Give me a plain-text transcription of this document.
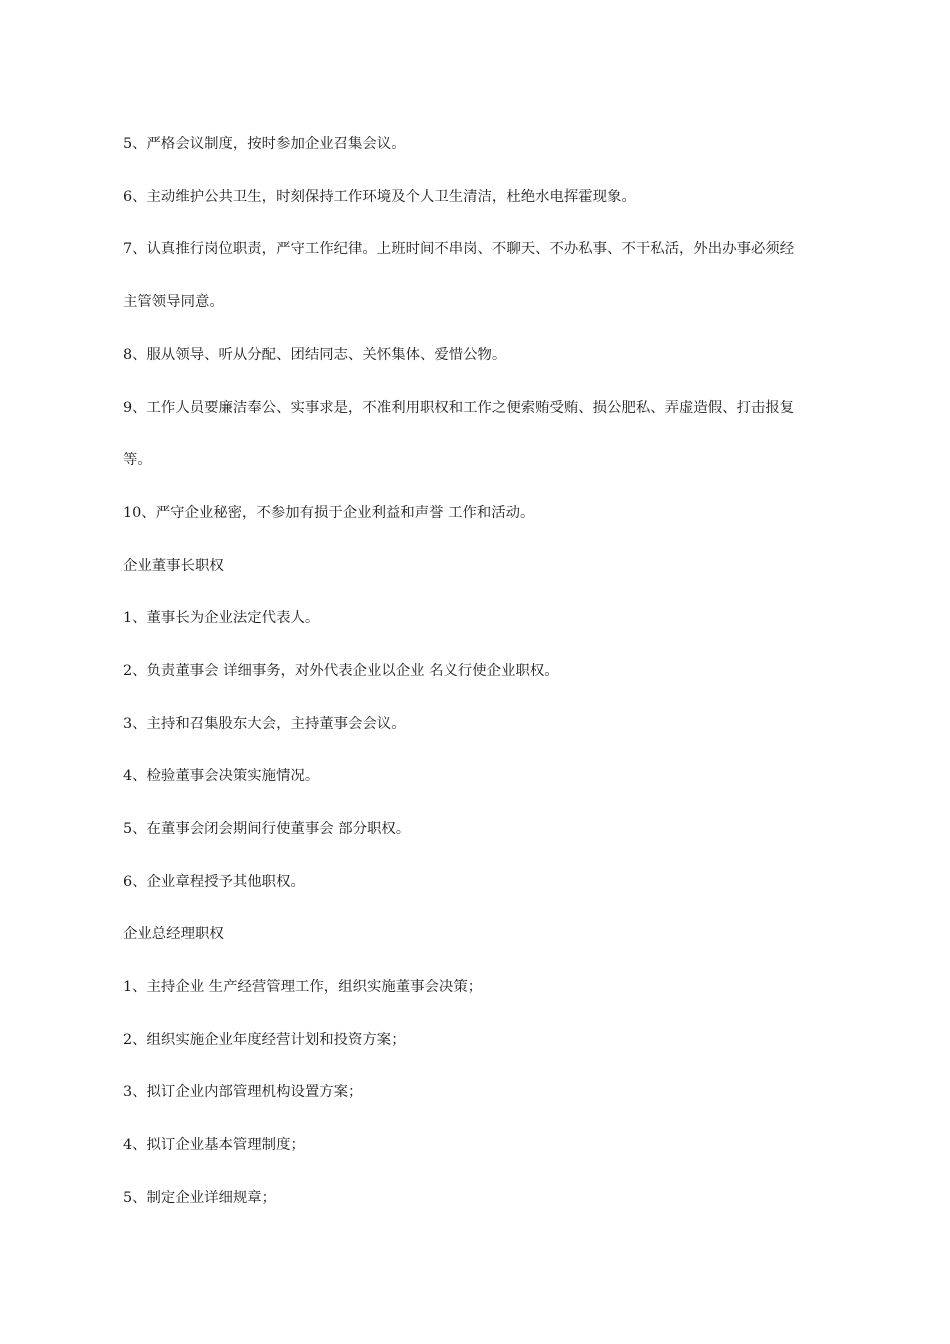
5、严格会议制度，按时参加企业召集会议。
6、主动维护公共卫生，时刻保持工作环境及个人卫生清洁，杜绝水电挥霍现象。
7、认真推行岗位职责，严守工作纪律。上班时间不串岗、不聊天、不办私事、不干私活，外出办事必须经
主管领导同意。
8、服从领导、听从分配、团结同志、关怀集体、爱惜公物。
9、工作人员要廉洁奉公、实事求是，不准利用职权和工作之便索贿受贿、损公肥私、弄虚造假、打击报复
等。
10、严守企业秘密，不参加有损于企业利益和声誉 工作和活动。
企业董事长职权
1、董事长为企业法定代表人。
2、负责董事会 详细事务，对外代表企业以企业 名义行使企业职权。
3、主持和召集股东大会，主持董事会会议。
4、检验董事会决策实施情况。
5、在董事会闭会期间行使董事会 部分职权。
6、企业章程授予其他职权。
企业总经理职权
1、主持企业 生产经营管理工作，组织实施董事会决策；
2、组织实施企业年度经营计划和投资方案；
3、拟订企业内部管理机构设置方案；
4、拟订企业基本管理制度；
5、制定企业详细规章；
